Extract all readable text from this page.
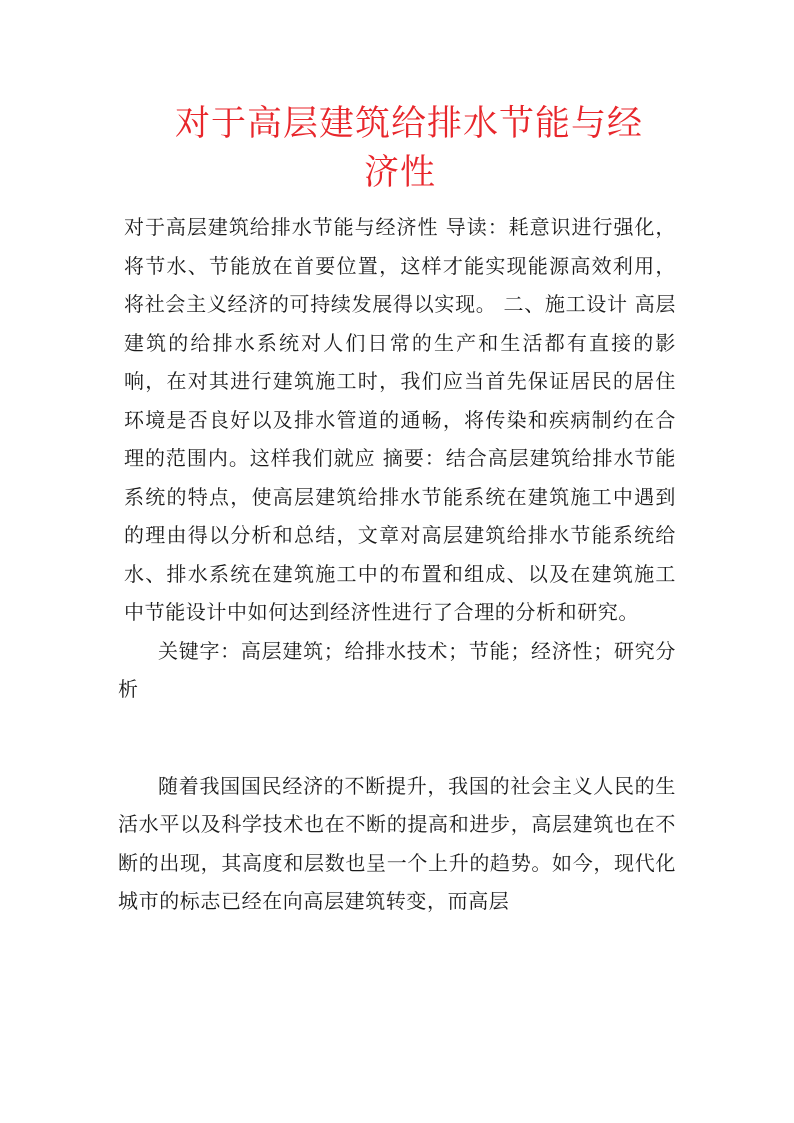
对于高层建筑给排水节能与经
济性

对于高层建筑给排水节能与经济性 导读：耗意识进行强化，将节水、节能放在首要位置，这样才能实现能源高效利用，将社会主义经济的可持续发展得以实现。 二、施工设计 高层建筑的给排水系统对人们日常的生产和生活都有直接的影响，在对其进行建筑施工时，我们应当首先保证居民的居住环境是否良好以及排水管道的通畅，将传染和疾病制约在合理的范围内。这样我们就应 摘要：结合高层建筑给排水节能系统的特点，使高层建筑给排水节能系统在建筑施工中遇到的理由得以分析和总结，文章对高层建筑给排水节能系统给水、排水系统在建筑施工中的布置和组成、以及在建筑施工中节能设计中如何达到经济性进行了合理的分析和研究。

关键字：高层建筑；给排水技术；节能；经济性；研究分析

随着我国国民经济的不断提升，我国的社会主义人民的生活水平以及科学技术也在不断的提高和进步，高层建筑也在不断的出现，其高度和层数也呈一个上升的趋势。如今，现代化城市的标志已经在向高层建筑转变，而高层
